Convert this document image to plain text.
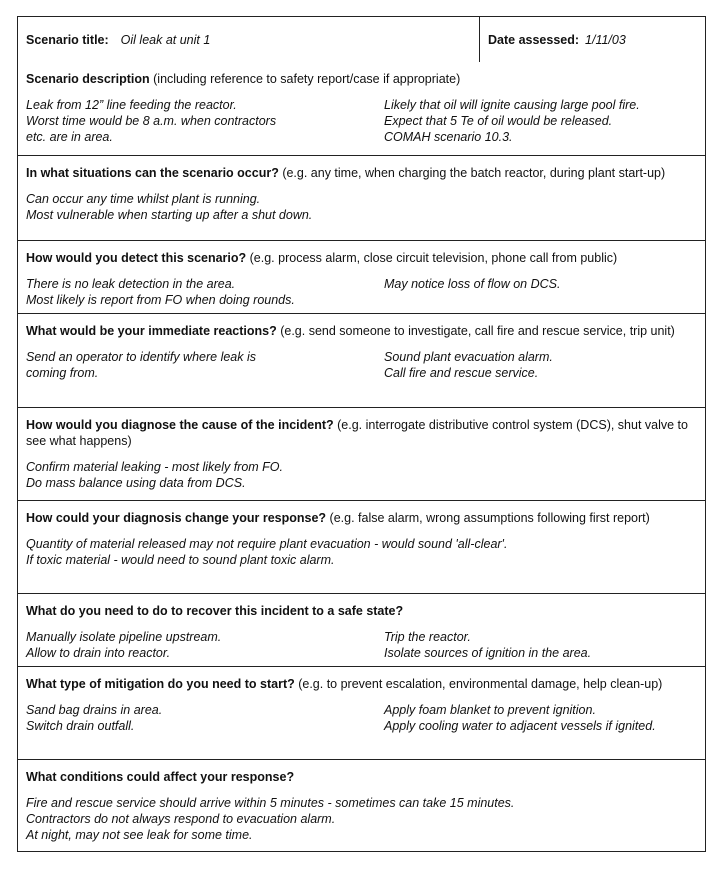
Scenario title: Oil leak at unit 1	Date assessed: 1/11/03
Scenario description (including reference to safety report/case if appropriate)
Leak from 12” line feeding the reactor.
Worst time would be 8 a.m. when contractors
etc. are in area.
Likely that oil will ignite causing large pool fire.
Expect that 5 Te of oil would be released.
COMAH scenario 10.3.
In what situations can the scenario occur? (e.g. any time, when charging the batch reactor, during plant start-up)
Can occur any time whilst plant is running.
Most vulnerable when starting up after a shut down.
How would you detect this scenario? (e.g. process alarm, close circuit television, phone call from public)
There is no leak detection in the area.
Most likely is report from FO when doing rounds.
May notice loss of flow on DCS.
What would be your immediate reactions? (e.g. send someone to investigate, call fire and rescue service, trip unit)
Send an operator to identify where leak is
coming from.
Sound plant evacuation alarm.
Call fire and rescue service.
How would you diagnose the cause of the incident? (e.g. interrogate distributive control system (DCS), shut valve to see what happens)
Confirm material leaking - most likely from FO.
Do mass balance using data from DCS.
How could your diagnosis change your response? (e.g. false alarm, wrong assumptions following first report)
Quantity of material released may not require plant evacuation - would sound 'all-clear'.
If toxic material - would need to sound plant toxic alarm.
What do you need to do to recover this incident to a safe state?
Manually isolate pipeline upstream.
Allow to drain into reactor.
Trip the reactor.
Isolate sources of ignition in the area.
What type of mitigation do you need to start? (e.g. to prevent escalation, environmental damage, help clean-up)
Sand bag drains in area.
Switch drain outfall.
Apply foam blanket to prevent ignition.
Apply cooling water to adjacent vessels if ignited.
What conditions could affect your response?
Fire and rescue service should arrive within 5 minutes - sometimes can take 15 minutes.
Contractors do not always respond to evacuation alarm.
At night, may not see leak for some time.
